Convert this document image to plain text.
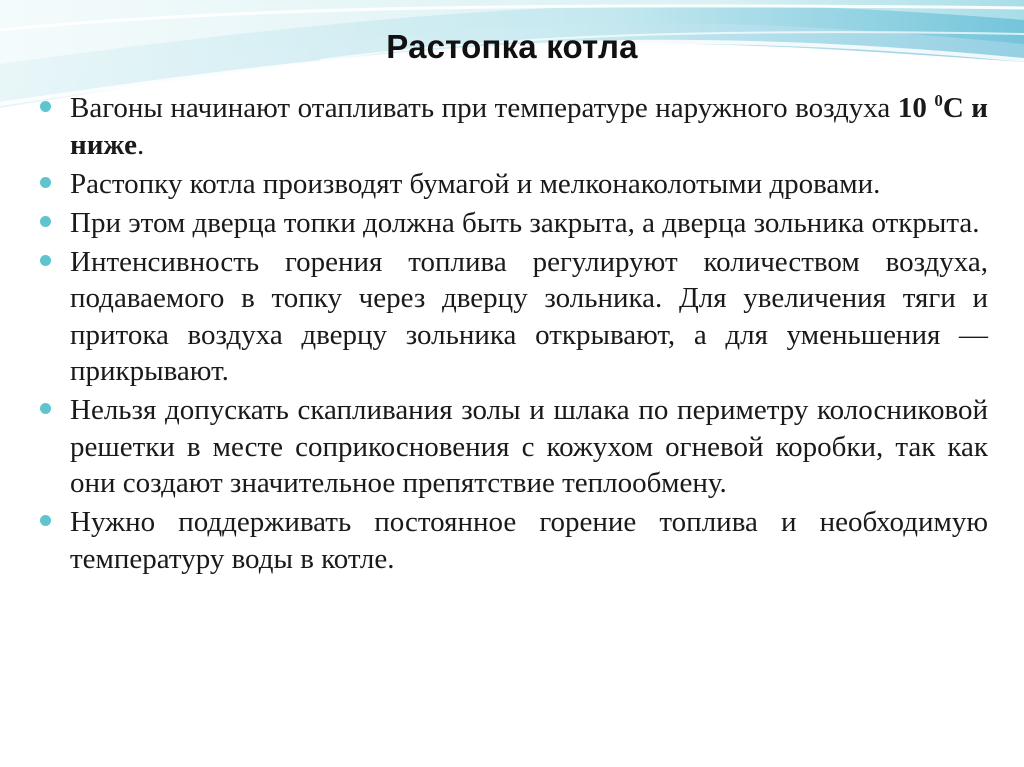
Растопка котла
Вагоны начинают отапливать при температуре наружного воздуха 10 $^0$С и ниже.
Растопку котла производят бумагой и мелконаколотыми дровами.
При этом дверца топки должна быть закрыта, а дверца зольника открыта.
Интенсивность горения топлива регулируют количеством воздуха, подаваемого в топку через дверцу зольника. Для увеличения тяги и притока воздуха дверцу зольника открывают, а для уменьшения — прикрывают.
Нельзя допускать скапливания золы и шлака по периметру колосниковой решетки в месте соприкосновения с кожухом огневой коробки, так как они создают значительное препятствие теплообмену.
Нужно поддерживать постоянное горение топлива и необходимую температуру воды в котле.
